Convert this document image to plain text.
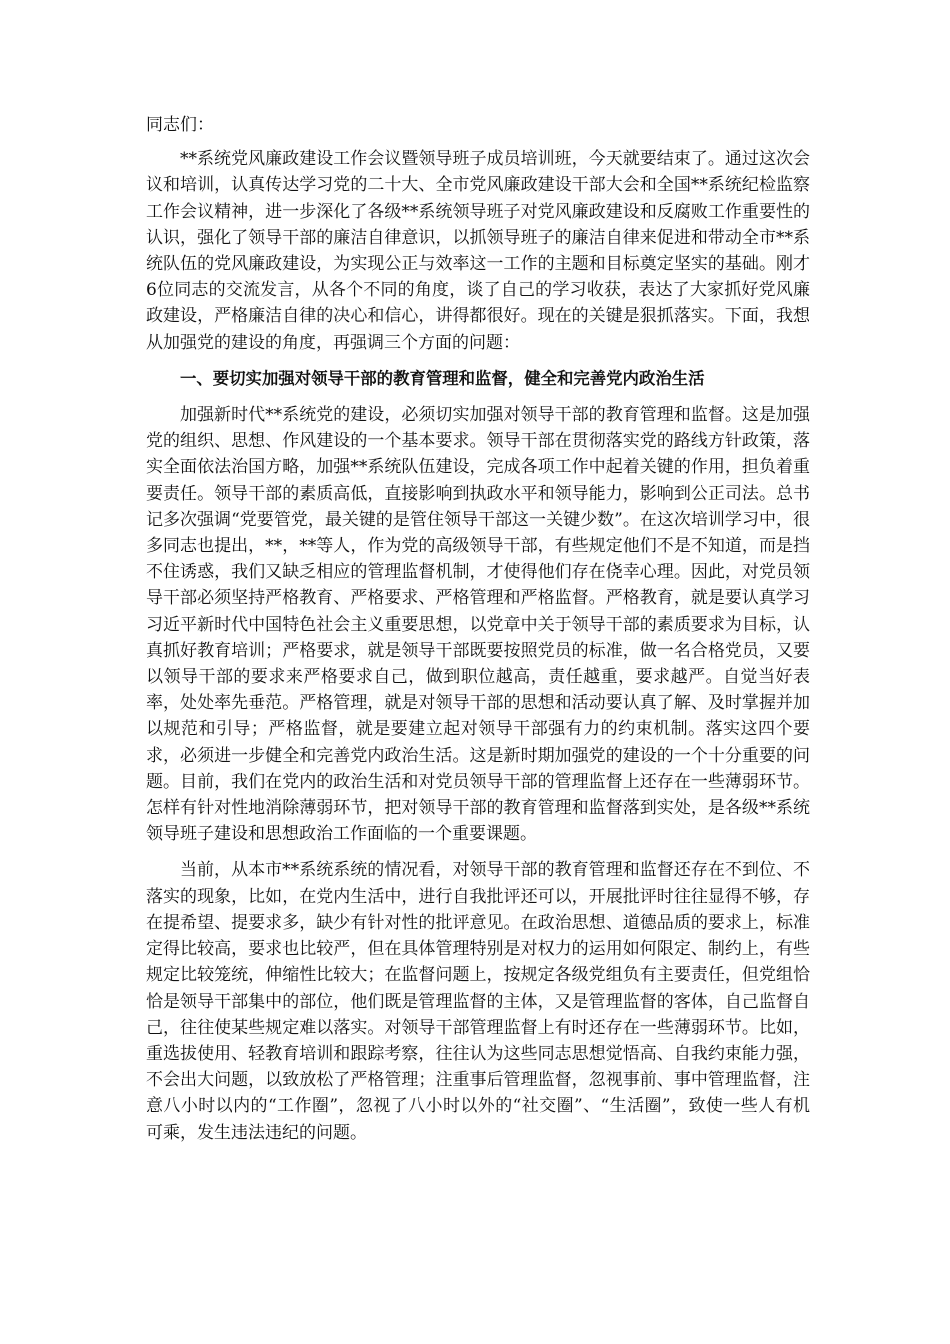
同志们：

**系统党风廉政建设工作会议暨领导班子成员培训班，今天就要结束了。通过这次会议和培训，认真传达学习党的二十大、全市党风廉政建设干部大会和全国**系统纪检监察工作会议精神，进一步深化了各级**系统领导班子对党风廉政建设和反腐败工作重要性的认识，强化了领导干部的廉洁自律意识，以抓领导班子的廉洁自律来促进和带动全市**系统队伍的党风廉政建设，为实现公正与效率这一工作的主题和目标奠定坚实的基础。刚才6位同志的交流发言，从各个不同的角度，谈了自己的学习收获，表达了大家抓好党风廉政建设，严格廉洁自律的决心和信心，讲得都很好。现在的关键是狠抓落实。下面，我想从加强党的建设的角度，再强调三个方面的问题：

一、要切实加强对领导干部的教育管理和监督，健全和完善党内政治生活

加强新时代**系统党的建设，必须切实加强对领导干部的教育管理和监督。这是加强党的组织、思想、作风建设的一个基本要求。领导干部在贯彻落实党的路线方针政策，落实全面依法治国方略，加强**系统队伍建设，完成各项工作中起着关键的作用，担负着重要责任。领导干部的素质高低，直接影响到执政水平和领导能力，影响到公正司法。总书记多次强调“党要管党，最关键的是管住领导干部这一关键少数”。在这次培训学习中，很多同志也提出，**，**等人，作为党的高级领导干部，有些规定他们不是不知道，而是挡不住诱惑，我们又缺乏相应的管理监督机制，才使得他们存在侥幸心理。因此，对党员领导干部必须坚持严格教育、严格要求、严格管理和严格监督。严格教育，就是要认真学习习近平新时代中国特色社会主义重要思想，以党章中关于领导干部的素质要求为目标，认真抓好教育培训；严格要求，就是领导干部既要按照党员的标准，做一名合格党员，又要以领导干部的要求来严格要求自己，做到职位越高，责任越重，要求越严。自觉当好表率，处处率先垂范。严格管理，就是对领导干部的思想和活动要认真了解、及时掌握并加以规范和引导；严格监督，就是要建立起对领导干部强有力的约束机制。落实这四个要求，必须进一步健全和完善党内政治生活。这是新时期加强党的建设的一个十分重要的问题。目前，我们在党内的政治生活和对党员领导干部的管理监督上还存在一些薄弱环节。怎样有针对性地消除薄弱环节，把对领导干部的教育管理和监督落到实处，是各级**系统领导班子建设和思想政治工作面临的一个重要课题。

当前，从本市**系统系统的情况看，对领导干部的教育管理和监督还存在不到位、不落实的现象，比如，在党内生活中，进行自我批评还可以，开展批评时往往显得不够，存在提希望、提要求多，缺少有针对性的批评意见。在政治思想、道德品质的要求上，标准定得比较高，要求也比较严，但在具体管理特别是对权力的运用如何限定、制约上，有些规定比较笼统，伸缩性比较大；在监督问题上，按规定各级党组负有主要责任，但党组恰恰是领导干部集中的部位，他们既是管理监督的主体，又是管理监督的客体，自己监督自己，往往使某些规定难以落实。对领导干部管理监督上有时还存在一些薄弱环节。比如，重选拔使用、轻教育培训和跟踪考察，往往认为这些同志思想觉悟高、自我约束能力强，不会出大问题，以致放松了严格管理；注重事后管理监督，忽视事前、事中管理监督，注意八小时以内的“工作圈”，忽视了八小时以外的“社交圈”、“生活圈”，致使一些人有机可乘，发生违法违纪的问题。
